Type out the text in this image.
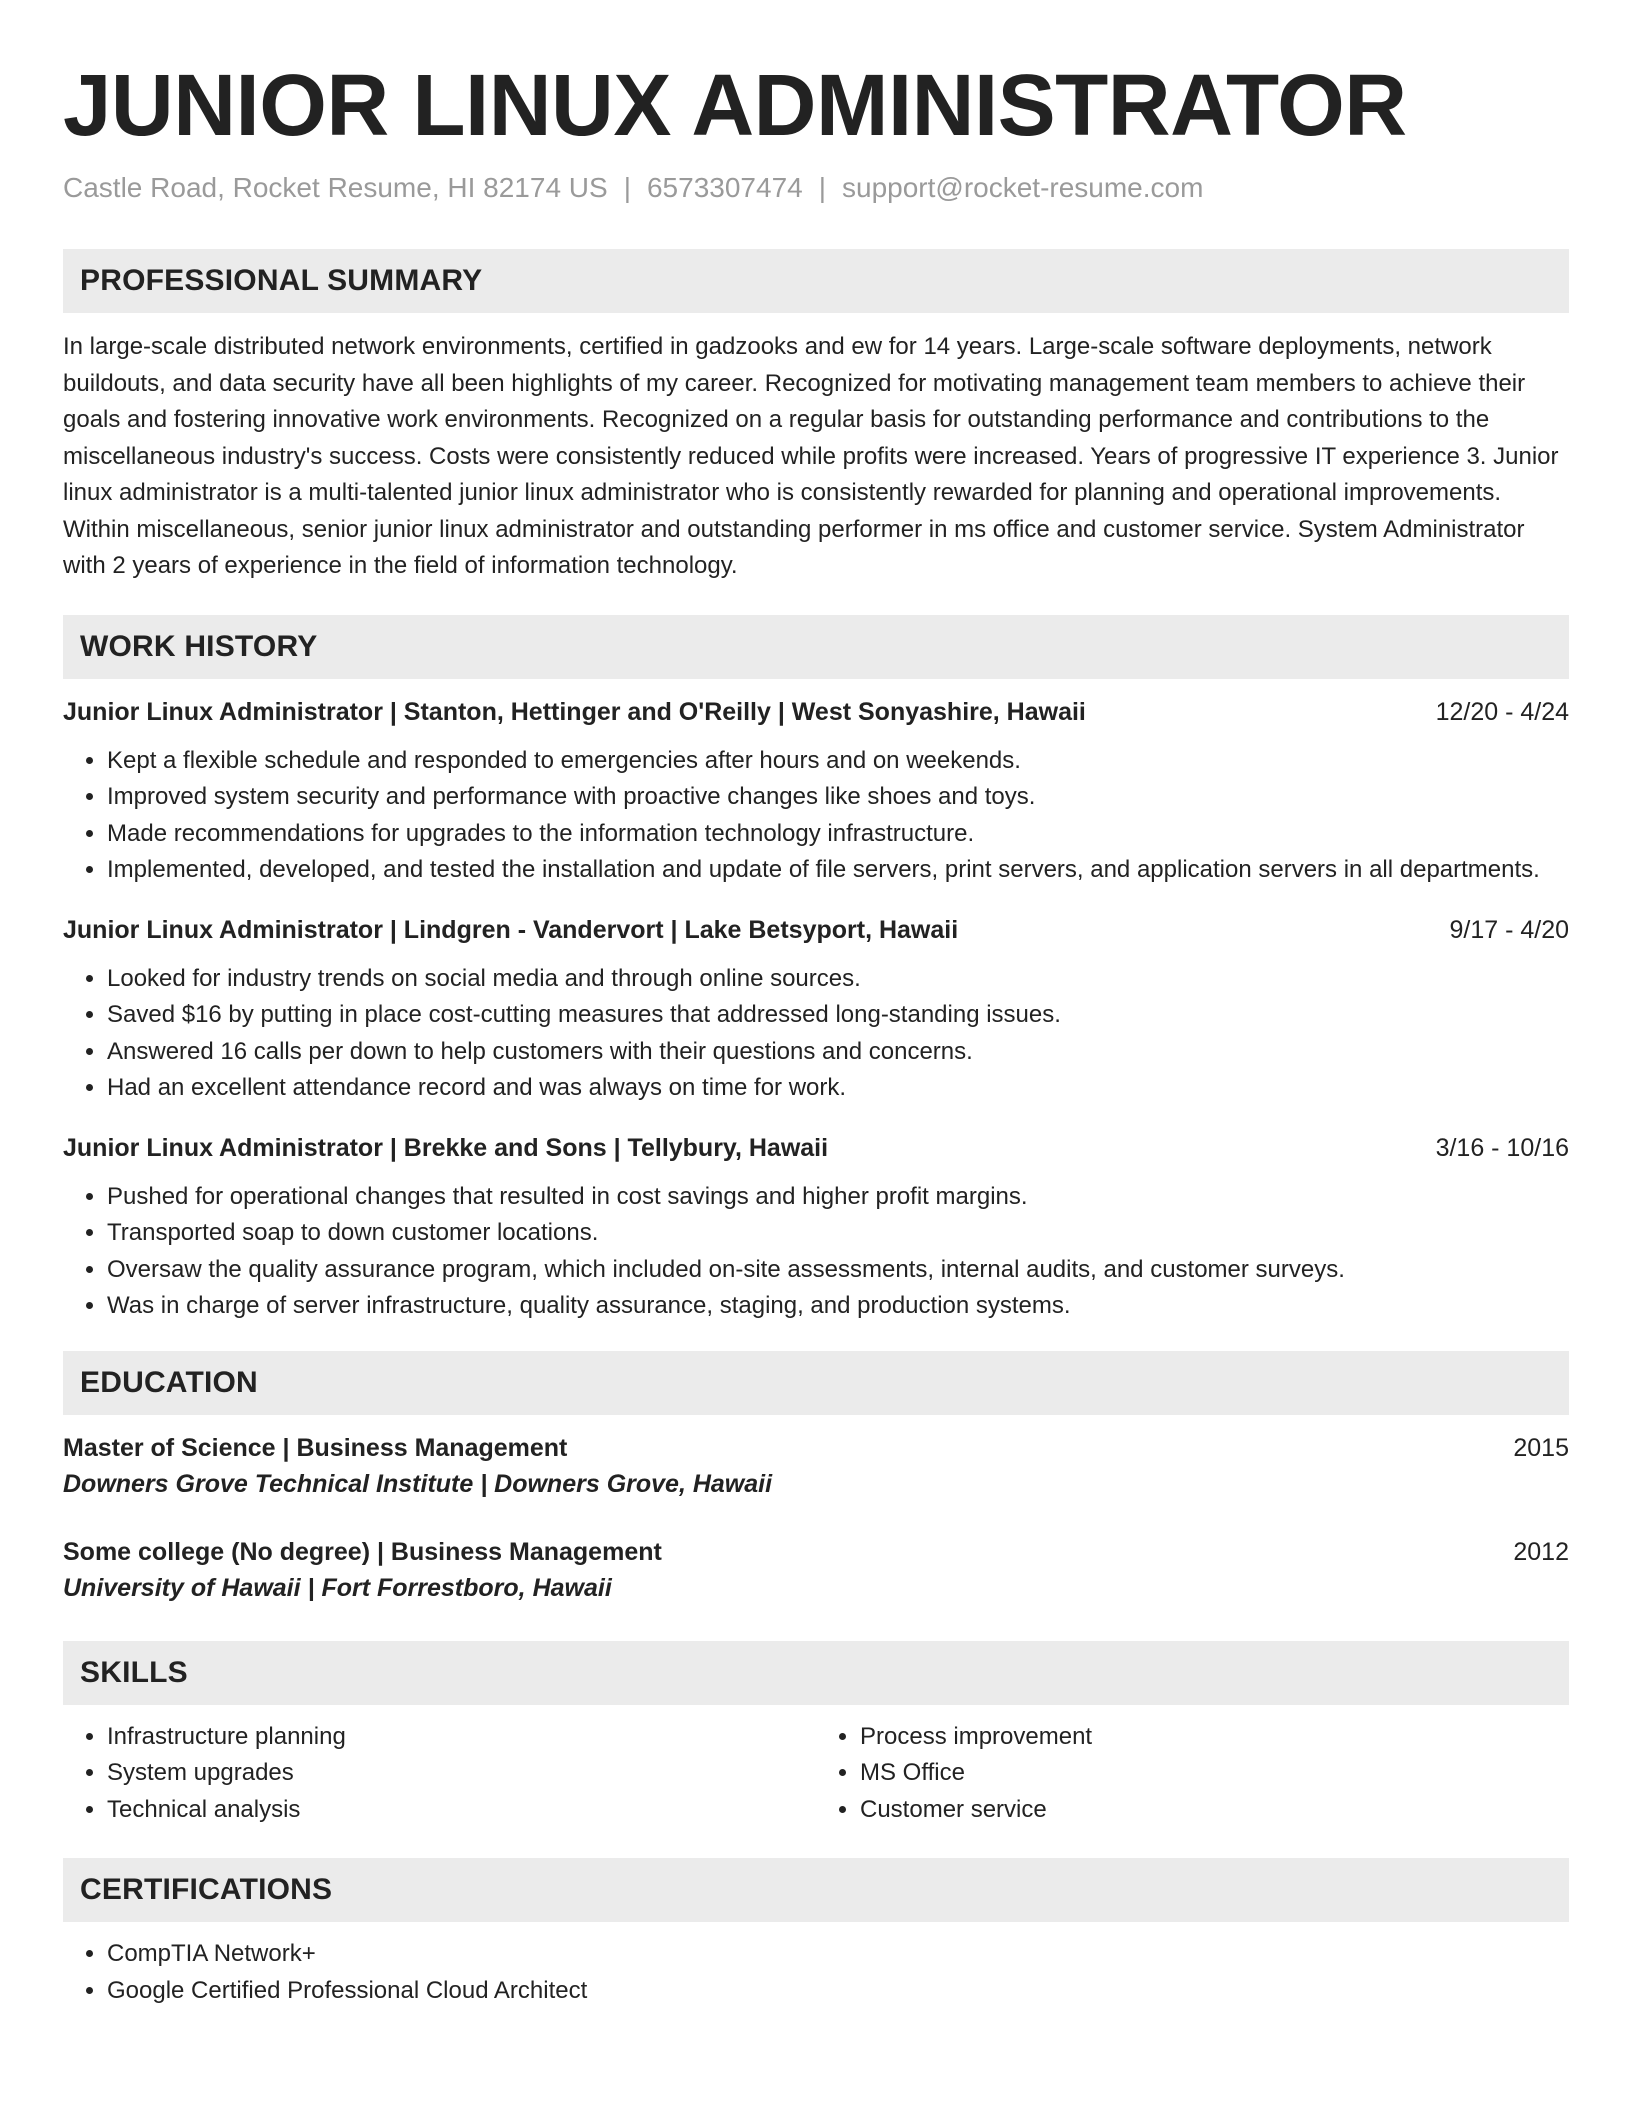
JUNIOR LINUX ADMINISTRATOR
Castle Road, Rocket Resume, HI 82174 US | 6573307474 | support@rocket-resume.com
PROFESSIONAL SUMMARY

In large-scale distributed network environments, certified in gadzooks and ew for 14 years. Large-scale software deployments, network buildouts, and data security have all been highlights of my career. Recognized for motivating management team members to achieve their goals and fostering innovative work environments. Recognized on a regular basis for outstanding performance and contributions to the miscellaneous industry's success. Costs were consistently reduced while profits were increased. Years of progressive IT experience 3. Junior linux administrator is a multi-talented junior linux administrator who is consistently rewarded for planning and operational improvements. Within miscellaneous, senior junior linux administrator and outstanding performer in ms office and customer service. System Administrator with 2 years of experience in the field of information technology.

WORK HISTORY
Junior Linux Administrator | Stanton, Hettinger and O'Reilly | West Sonyashire, Hawaii	12/20 - 4/24
• Kept a flexible schedule and responded to emergencies after hours and on weekends.
• Improved system security and performance with proactive changes like shoes and toys.
• Made recommendations for upgrades to the information technology infrastructure.
• Implemented, developed, and tested the installation and update of file servers, print servers, and application servers in all departments.
Junior Linux Administrator | Lindgren - Vandervort | Lake Betsyport, Hawaii	9/17 - 4/20
• Looked for industry trends on social media and through online sources.
• Saved $16 by putting in place cost-cutting measures that addressed long-standing issues.
• Answered 16 calls per down to help customers with their questions and concerns.
• Had an excellent attendance record and was always on time for work.
Junior Linux Administrator | Brekke and Sons | Tellybury, Hawaii	3/16 - 10/16
• Pushed for operational changes that resulted in cost savings and higher profit margins.
• Transported soap to down customer locations.
• Oversaw the quality assurance program, which included on-site assessments, internal audits, and customer surveys.
• Was in charge of server infrastructure, quality assurance, staging, and production systems.
EDUCATION
Master of Science | Business Management	2015
Downers Grove Technical Institute | Downers Grove, Hawaii
Some college (No degree) | Business Management	2012
University of Hawaii | Fort Forrestboro, Hawaii
SKILLS
• Infrastructure planning
• System upgrades
• Technical analysis
• Process improvement
• MS Office
• Customer service
CERTIFICATIONS
• CompTIA Network+
• Google Certified Professional Cloud Architect
